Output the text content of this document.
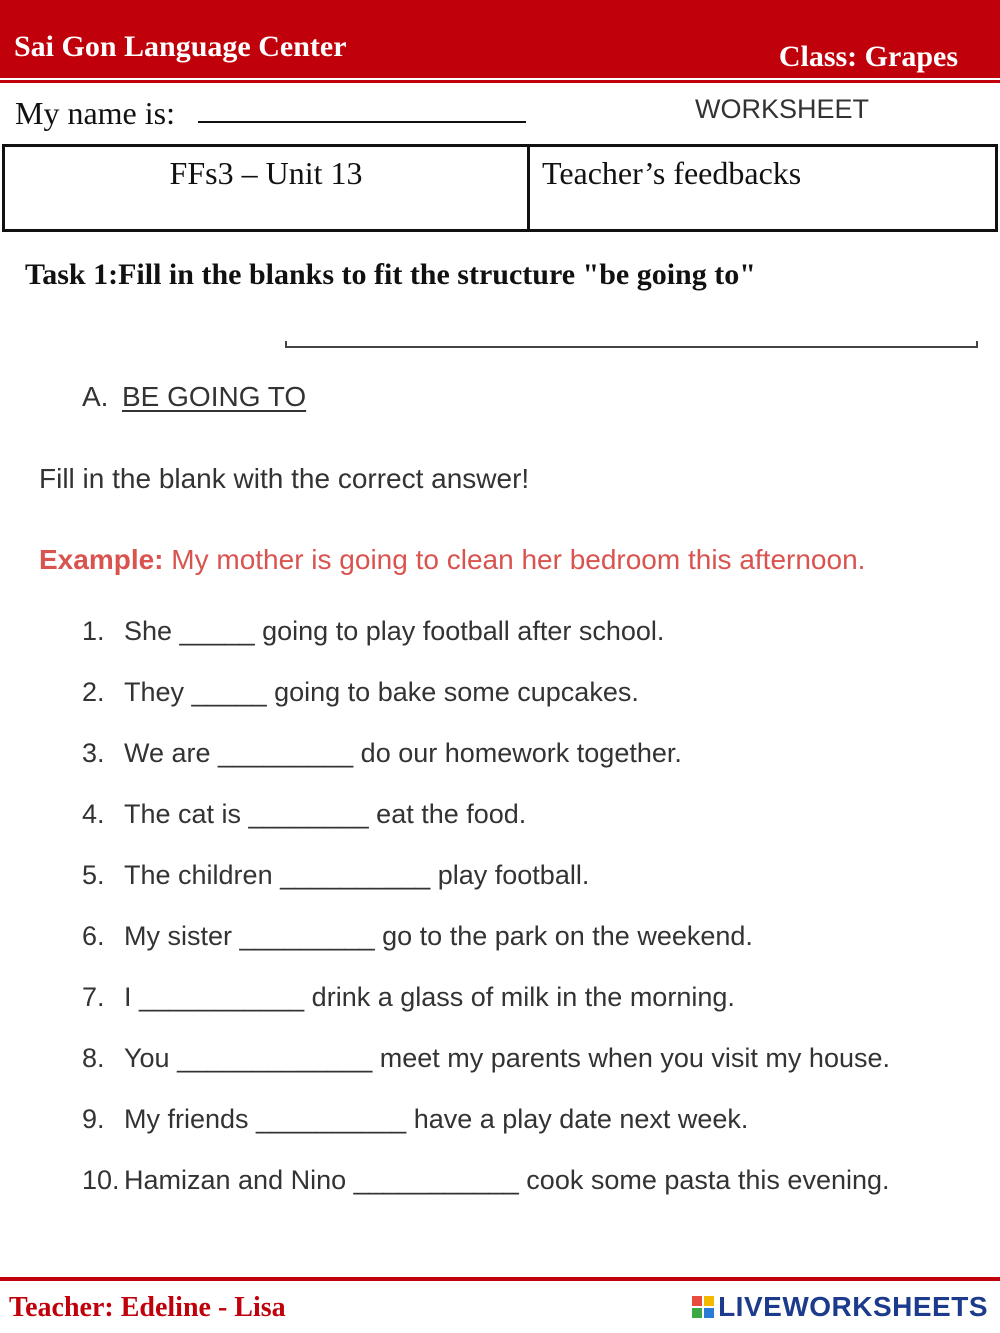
Sai Gon Language Center	Class: Grapes
My name is:	WORKSHEET
FFs3 – Unit 13	Teacher’s feedbacks

Task 1:Fill in the blanks to fit the structure "be going to"

A. BE GOING TO
Fill in the blank with the correct answer!
Example: My mother is going to clean her bedroom this afternoon.
1. She _____ going to play football after school.
2. They _____ going to bake some cupcakes.
3. We are _________ do our homework together.
4. The cat is ________ eat the food.
5. The children __________ play football.
6. My sister _________ go to the park on the weekend.
7. I ___________ drink a glass of milk in the morning.
8. You _____________ meet my parents when you visit my house.
9. My friends __________ have a play date next week.
10. Hamizan and Nino ___________ cook some pasta this evening.
Teacher: Edeline - Lisa	LIVEWORKSHEETS
